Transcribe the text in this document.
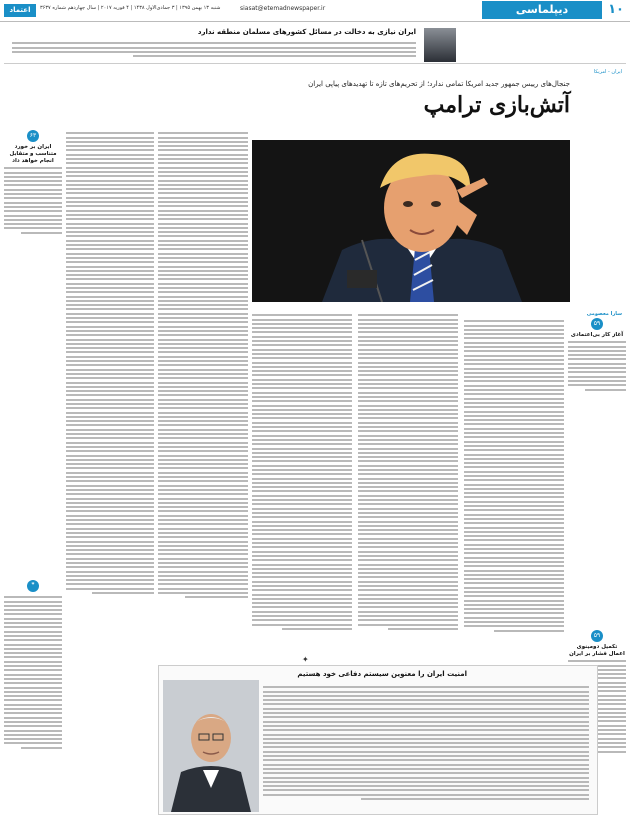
۱۰
دیپلماسی
siasat@etemadnewspaper.ir
شنبه ۱۳ بهمن ۱۳۹۵ | ۳ جمادی‌الاول ۱۴۳۸ | ۴ فوریه ۲۰۱۷ | سال چهاردهم شماره ۳۶۳۷
اعتماد
ایران نیازی به دخالت در مسائل کشورهای مسلمان منطقه ندارد
ایران - امریکا
جنجال‌های رییس جمهور جدید امریکا تمامی ندارد؛ از تحریم‌های تازه تا تهدیدهای پیاپی ایران
آتش‌بازی ترامپ
سارا معصومی
۵۹
آغاز کار بی‌اعتمادی
۵۹
تکمیل دومینوی اعمال فشار بر ایران
۶۳
ایران بر خورد متناسب و متقابل انجام خواهد داد
❞
امنیت ایران را معنوین سیستم دفاعی خود هستیم
✦
